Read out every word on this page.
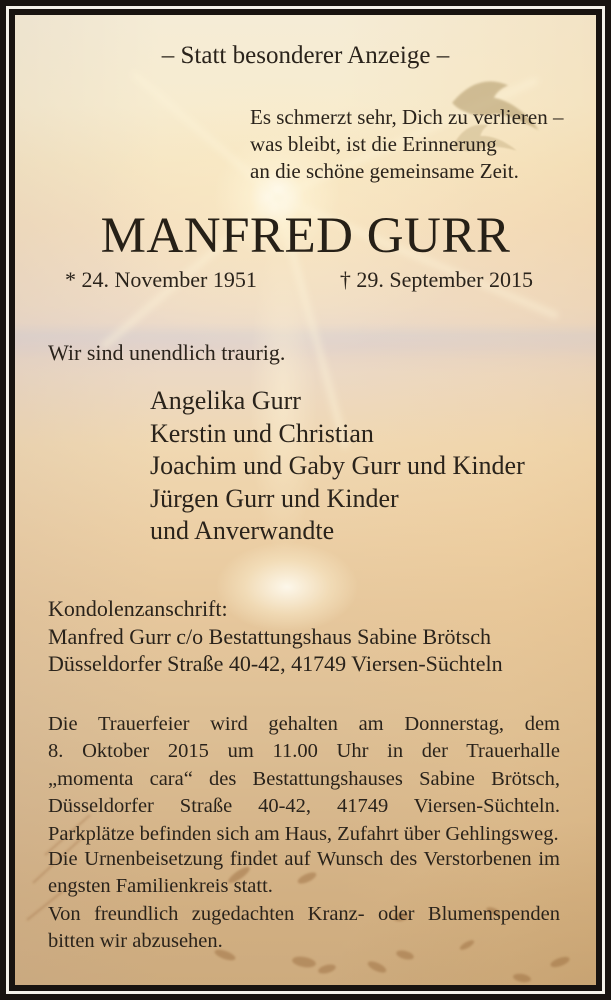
– Statt besonderer Anzeige –
Es schmerzt sehr, Dich zu verlieren –
was bleibt, ist die Erinnerung
an die schöne gemeinsame Zeit.
MANFRED GURR
* 24. November 1951	† 29. September 2015
Wir sind unendlich traurig.
Angelika Gurr
Kerstin und Christian
Joachim und Gaby Gurr und Kinder
Jürgen Gurr und Kinder
und Anverwandte
Kondolenzanschrift:
Manfred Gurr c/o Bestattungshaus Sabine Brötsch
Düsseldorfer Straße 40-42, 41749 Viersen-Süchteln
Die Trauerfeier wird gehalten am Donnerstag, dem
8. Oktober 2015 um 11.00 Uhr in der Trauerhalle
„momenta cara“ des Bestattungshauses Sabine Brötsch,
Düsseldorfer Straße 40-42, 41749 Viersen-Süchteln.
Parkplätze befinden sich am Haus, Zufahrt über Gehlingsweg.
Die Urnenbeisetzung findet auf Wunsch des Verstorbenen im
engsten Familienkreis statt.
Von freundlich zugedachten Kranz- oder Blumenspenden
bitten wir abzusehen.
